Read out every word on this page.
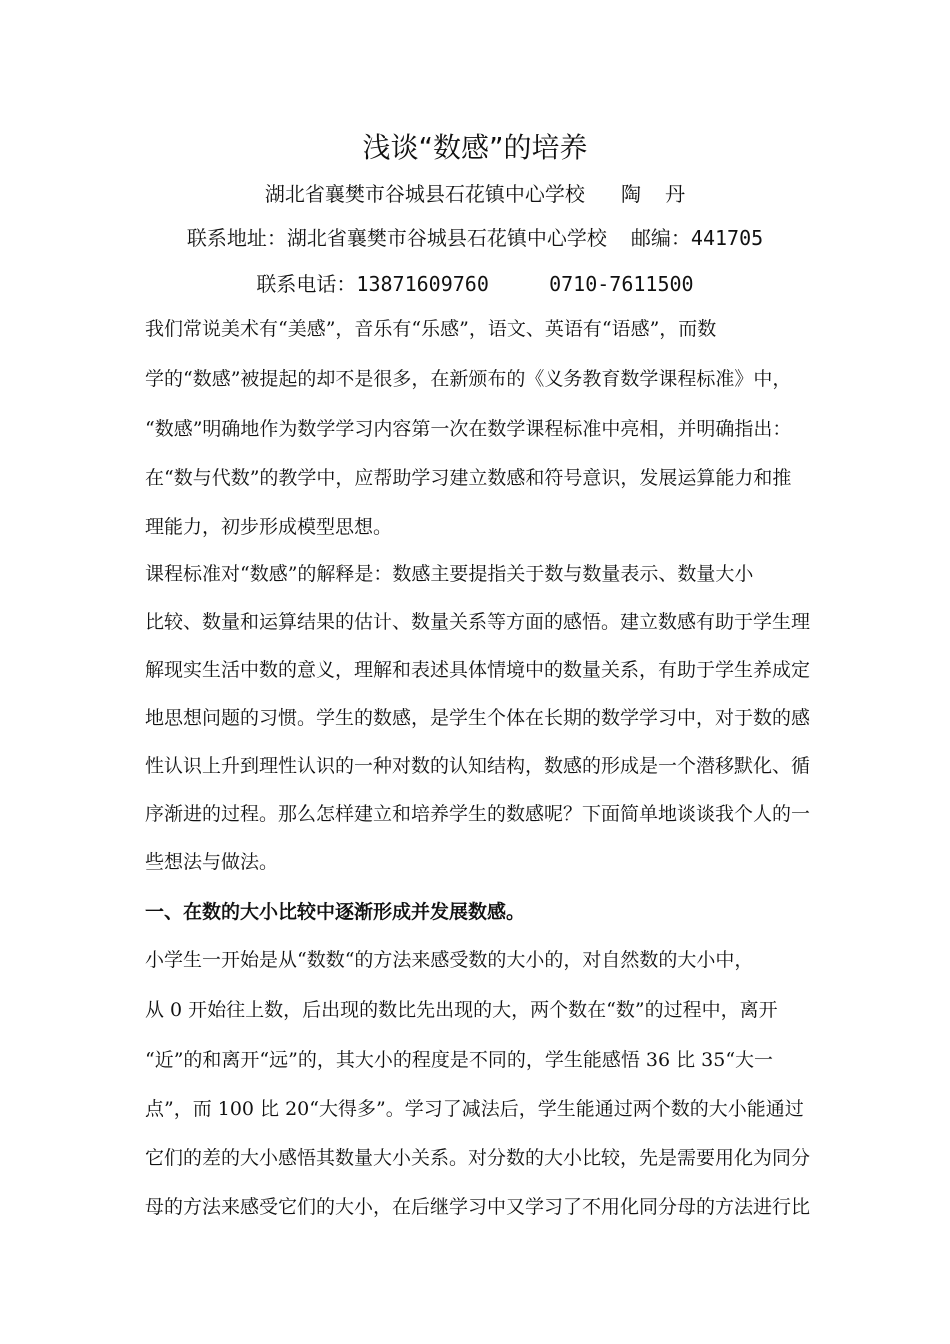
浅谈“数感”的培养
湖北省襄樊市谷城县石花镇中心学校   陶  丹
联系地址：湖北省襄樊市谷城县石花镇中心学校  邮编：441705
联系电话：13871609760     0710-7611500
我们常说美术有“美感”，音乐有“乐感”，语文、英语有“语感”，而数
学的“数感”被提起的却不是很多，在新颁布的《义务教育数学课程标准》中，
“数感”明确地作为数学学习内容第一次在数学课程标准中亮相，并明确指出：
在“数与代数”的教学中，应帮助学习建立数感和符号意识，发展运算能力和推
理能力，初步形成模型思想。
课程标准对“数感”的解释是：数感主要提指关于数与数量表示、数量大小
比较、数量和运算结果的估计、数量关系等方面的感悟。建立数感有助于学生理
解现实生活中数的意义，理解和表述具体情境中的数量关系，有助于学生养成定
地思想问题的习惯。学生的数感，是学生个体在长期的数学学习中，对于数的感
性认识上升到理性认识的一种对数的认知结构，数感的形成是一个潜移默化、循
序渐进的过程。那么怎样建立和培养学生的数感呢？下面简单地谈谈我个人的一
些想法与做法。
一、在数的大小比较中逐渐形成并发展数感。
小学生一开始是从“数数“的方法来感受数的大小的，对自然数的大小中，
从 0 开始往上数，后出现的数比先出现的大，两个数在“数”的过程中，离开
“近”的和离开“远”的，其大小的程度是不同的，学生能感悟 36 比 35“大一
点”，而 100 比 20“大得多”。学习了减法后，学生能通过两个数的大小能通过
它们的差的大小感悟其数量大小关系。对分数的大小比较，先是需要用化为同分
母的方法来感受它们的大小，在后继学习中又学习了不用化同分母的方法进行比
